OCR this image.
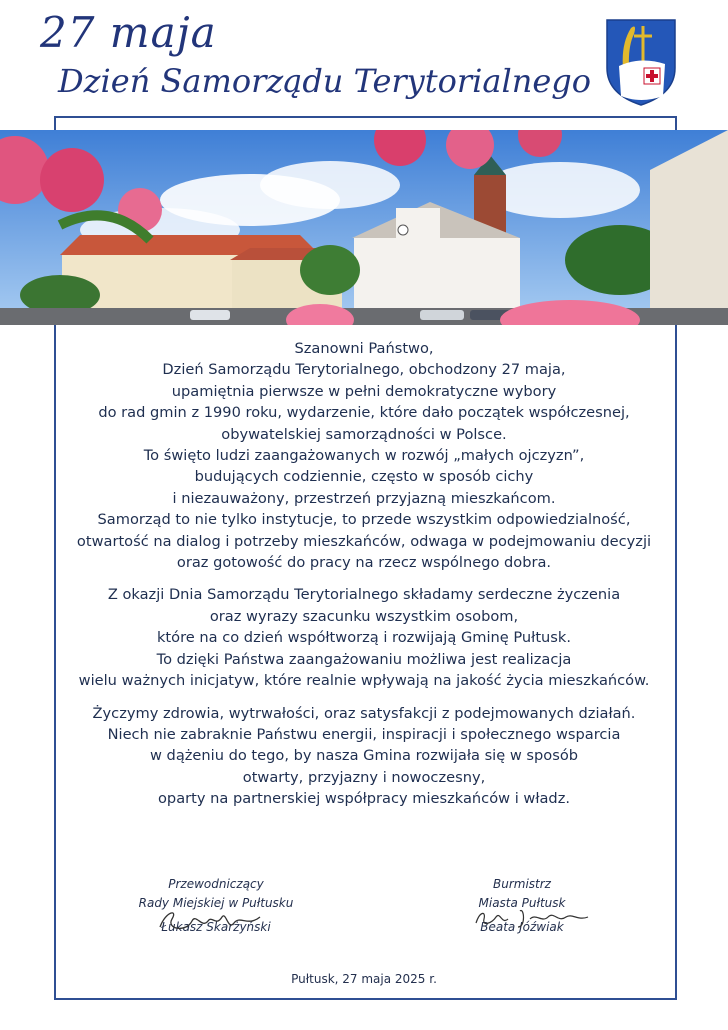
27 maja
Dzień Samorządu Terytorialnego
Szanowni Państwo,
Dzień Samorządu Terytorialnego, obchodzony 27 maja,
upamiętnia pierwsze w pełni demokratyczne wybory
do rad gmin z 1990 roku, wydarzenie, które dało początek współczesnej,
obywatelskiej samorządności w Polsce.
To święto ludzi zaangażowanych w rozwój „małych ojczyzn”,
budujących codziennie, często w sposób cichy
i niezauważony, przestrzeń przyjazną mieszkańcom.
Samorząd to nie tylko instytucje, to przede wszystkim odpowiedzialność,
otwartość na dialog i potrzeby mieszkańców, odwaga w podejmowaniu decyzji
oraz gotowość do pracy na rzecz wspólnego dobra.
Z okazji Dnia Samorządu Terytorialnego składamy serdeczne życzenia
oraz wyrazy szacunku wszystkim osobom,
które na co dzień współtworzą i rozwijają Gminę Pułtusk.
To dzięki Państwa zaangażowaniu możliwa jest realizacja
wielu ważnych inicjatyw, które realnie wpływają na jakość życia mieszkańców.
Życzymy zdrowia, wytrwałości, oraz satysfakcji z podejmowanych działań.
Niech nie zabraknie Państwu energii, inspiracji i społecznego wsparcia
w dążeniu do tego, by nasza Gmina rozwijała się w sposób
otwarty, przyjazny i nowoczesny,
oparty na partnerskiej współpracy mieszkańców i władz.
Przewodniczący
Rady Miejskiej w Pułtusku
Łukasz Skarżyński
Burmistrz
Miasta Pułtusk
Beata Jóźwiak
Pułtusk, 27 maja 2025 r.
